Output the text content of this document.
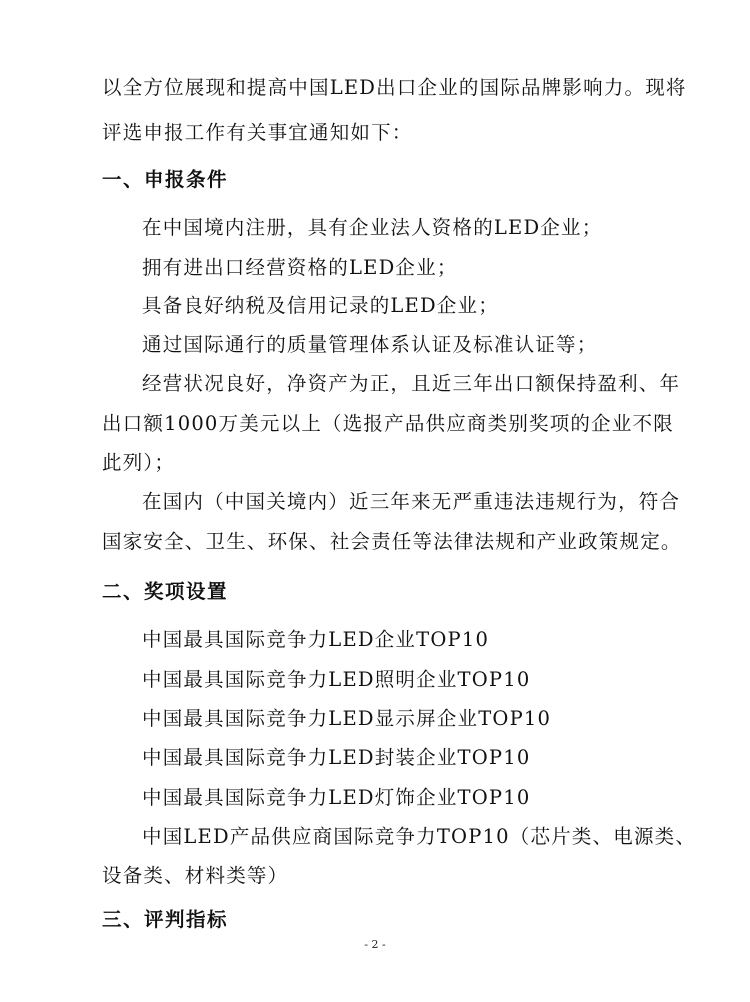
以全方位展现和提高中国LED出口企业的国际品牌影响力。现将
评选申报工作有关事宜通知如下：
一、申报条件
在中国境内注册，具有企业法人资格的LED企业；
拥有进出口经营资格的LED企业；
具备良好纳税及信用记录的LED企业；
通过国际通行的质量管理体系认证及标准认证等；
经营状况良好，净资产为正，且近三年出口额保持盈利、年
出口额1000万美元以上（选报产品供应商类别奖项的企业不限
此列）；
在国内（中国关境内）近三年来无严重违法违规行为，符合
国家安全、卫生、环保、社会责任等法律法规和产业政策规定。
二、奖项设置
中国最具国际竞争力LED企业TOP10
中国最具国际竞争力LED照明企业TOP10
中国最具国际竞争力LED显示屏企业TOP10
中国最具国际竞争力LED封装企业TOP10
中国最具国际竞争力LED灯饰企业TOP10
中国LED产品供应商国际竞争力TOP10（芯片类、电源类、
设备类、材料类等）
三、评判指标
- 2 -
